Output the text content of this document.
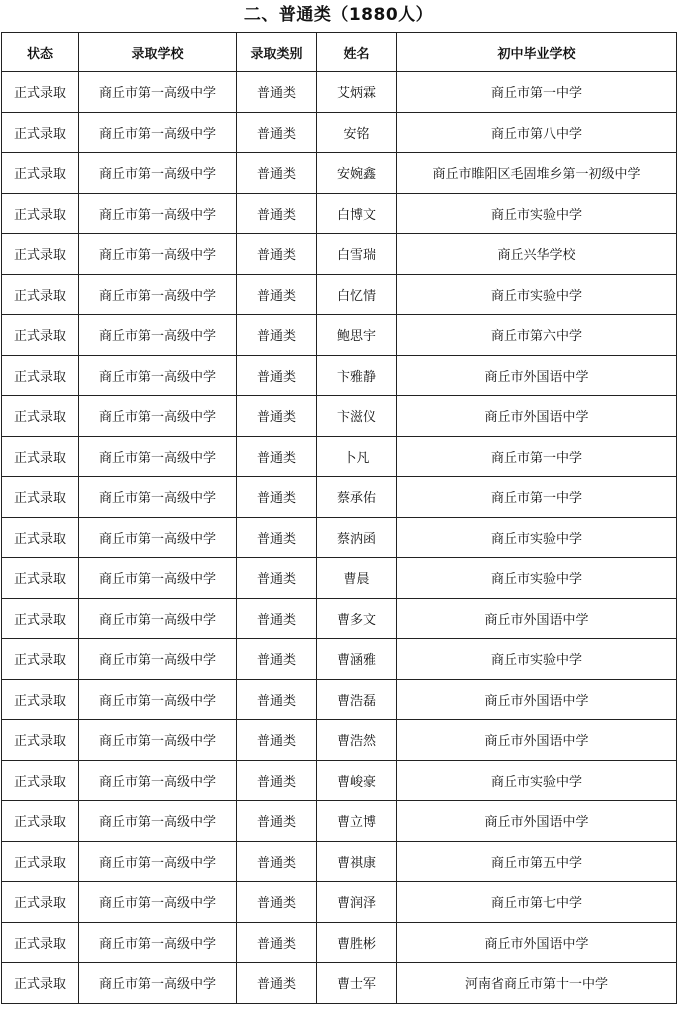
二、普通类（1880人）
状态	录取学校	录取类别	姓名	初中毕业学校
正式录取	商丘市第一高级中学	普通类	艾炳霖	商丘市第一中学
正式录取	商丘市第一高级中学	普通类	安铭	商丘市第八中学
正式录取	商丘市第一高级中学	普通类	安婉鑫	商丘市睢阳区毛固堆乡第一初级中学
正式录取	商丘市第一高级中学	普通类	白博文	商丘市实验中学
正式录取	商丘市第一高级中学	普通类	白雪瑞	商丘兴华学校
正式录取	商丘市第一高级中学	普通类	白忆情	商丘市实验中学
正式录取	商丘市第一高级中学	普通类	鲍思宇	商丘市第六中学
正式录取	商丘市第一高级中学	普通类	卞雅静	商丘市外国语中学
正式录取	商丘市第一高级中学	普通类	卞滋仪	商丘市外国语中学
正式录取	商丘市第一高级中学	普通类	卜凡	商丘市第一中学
正式录取	商丘市第一高级中学	普通类	蔡承佑	商丘市第一中学
正式录取	商丘市第一高级中学	普通类	蔡汭函	商丘市实验中学
正式录取	商丘市第一高级中学	普通类	曹晨	商丘市实验中学
正式录取	商丘市第一高级中学	普通类	曹多文	商丘市外国语中学
正式录取	商丘市第一高级中学	普通类	曹涵雅	商丘市实验中学
正式录取	商丘市第一高级中学	普通类	曹浩磊	商丘市外国语中学
正式录取	商丘市第一高级中学	普通类	曹浩然	商丘市外国语中学
正式录取	商丘市第一高级中学	普通类	曹峻豪	商丘市实验中学
正式录取	商丘市第一高级中学	普通类	曹立博	商丘市外国语中学
正式录取	商丘市第一高级中学	普通类	曹祺康	商丘市第五中学
正式录取	商丘市第一高级中学	普通类	曹润泽	商丘市第七中学
正式录取	商丘市第一高级中学	普通类	曹胜彬	商丘市外国语中学
正式录取	商丘市第一高级中学	普通类	曹士军	河南省商丘市第十一中学
